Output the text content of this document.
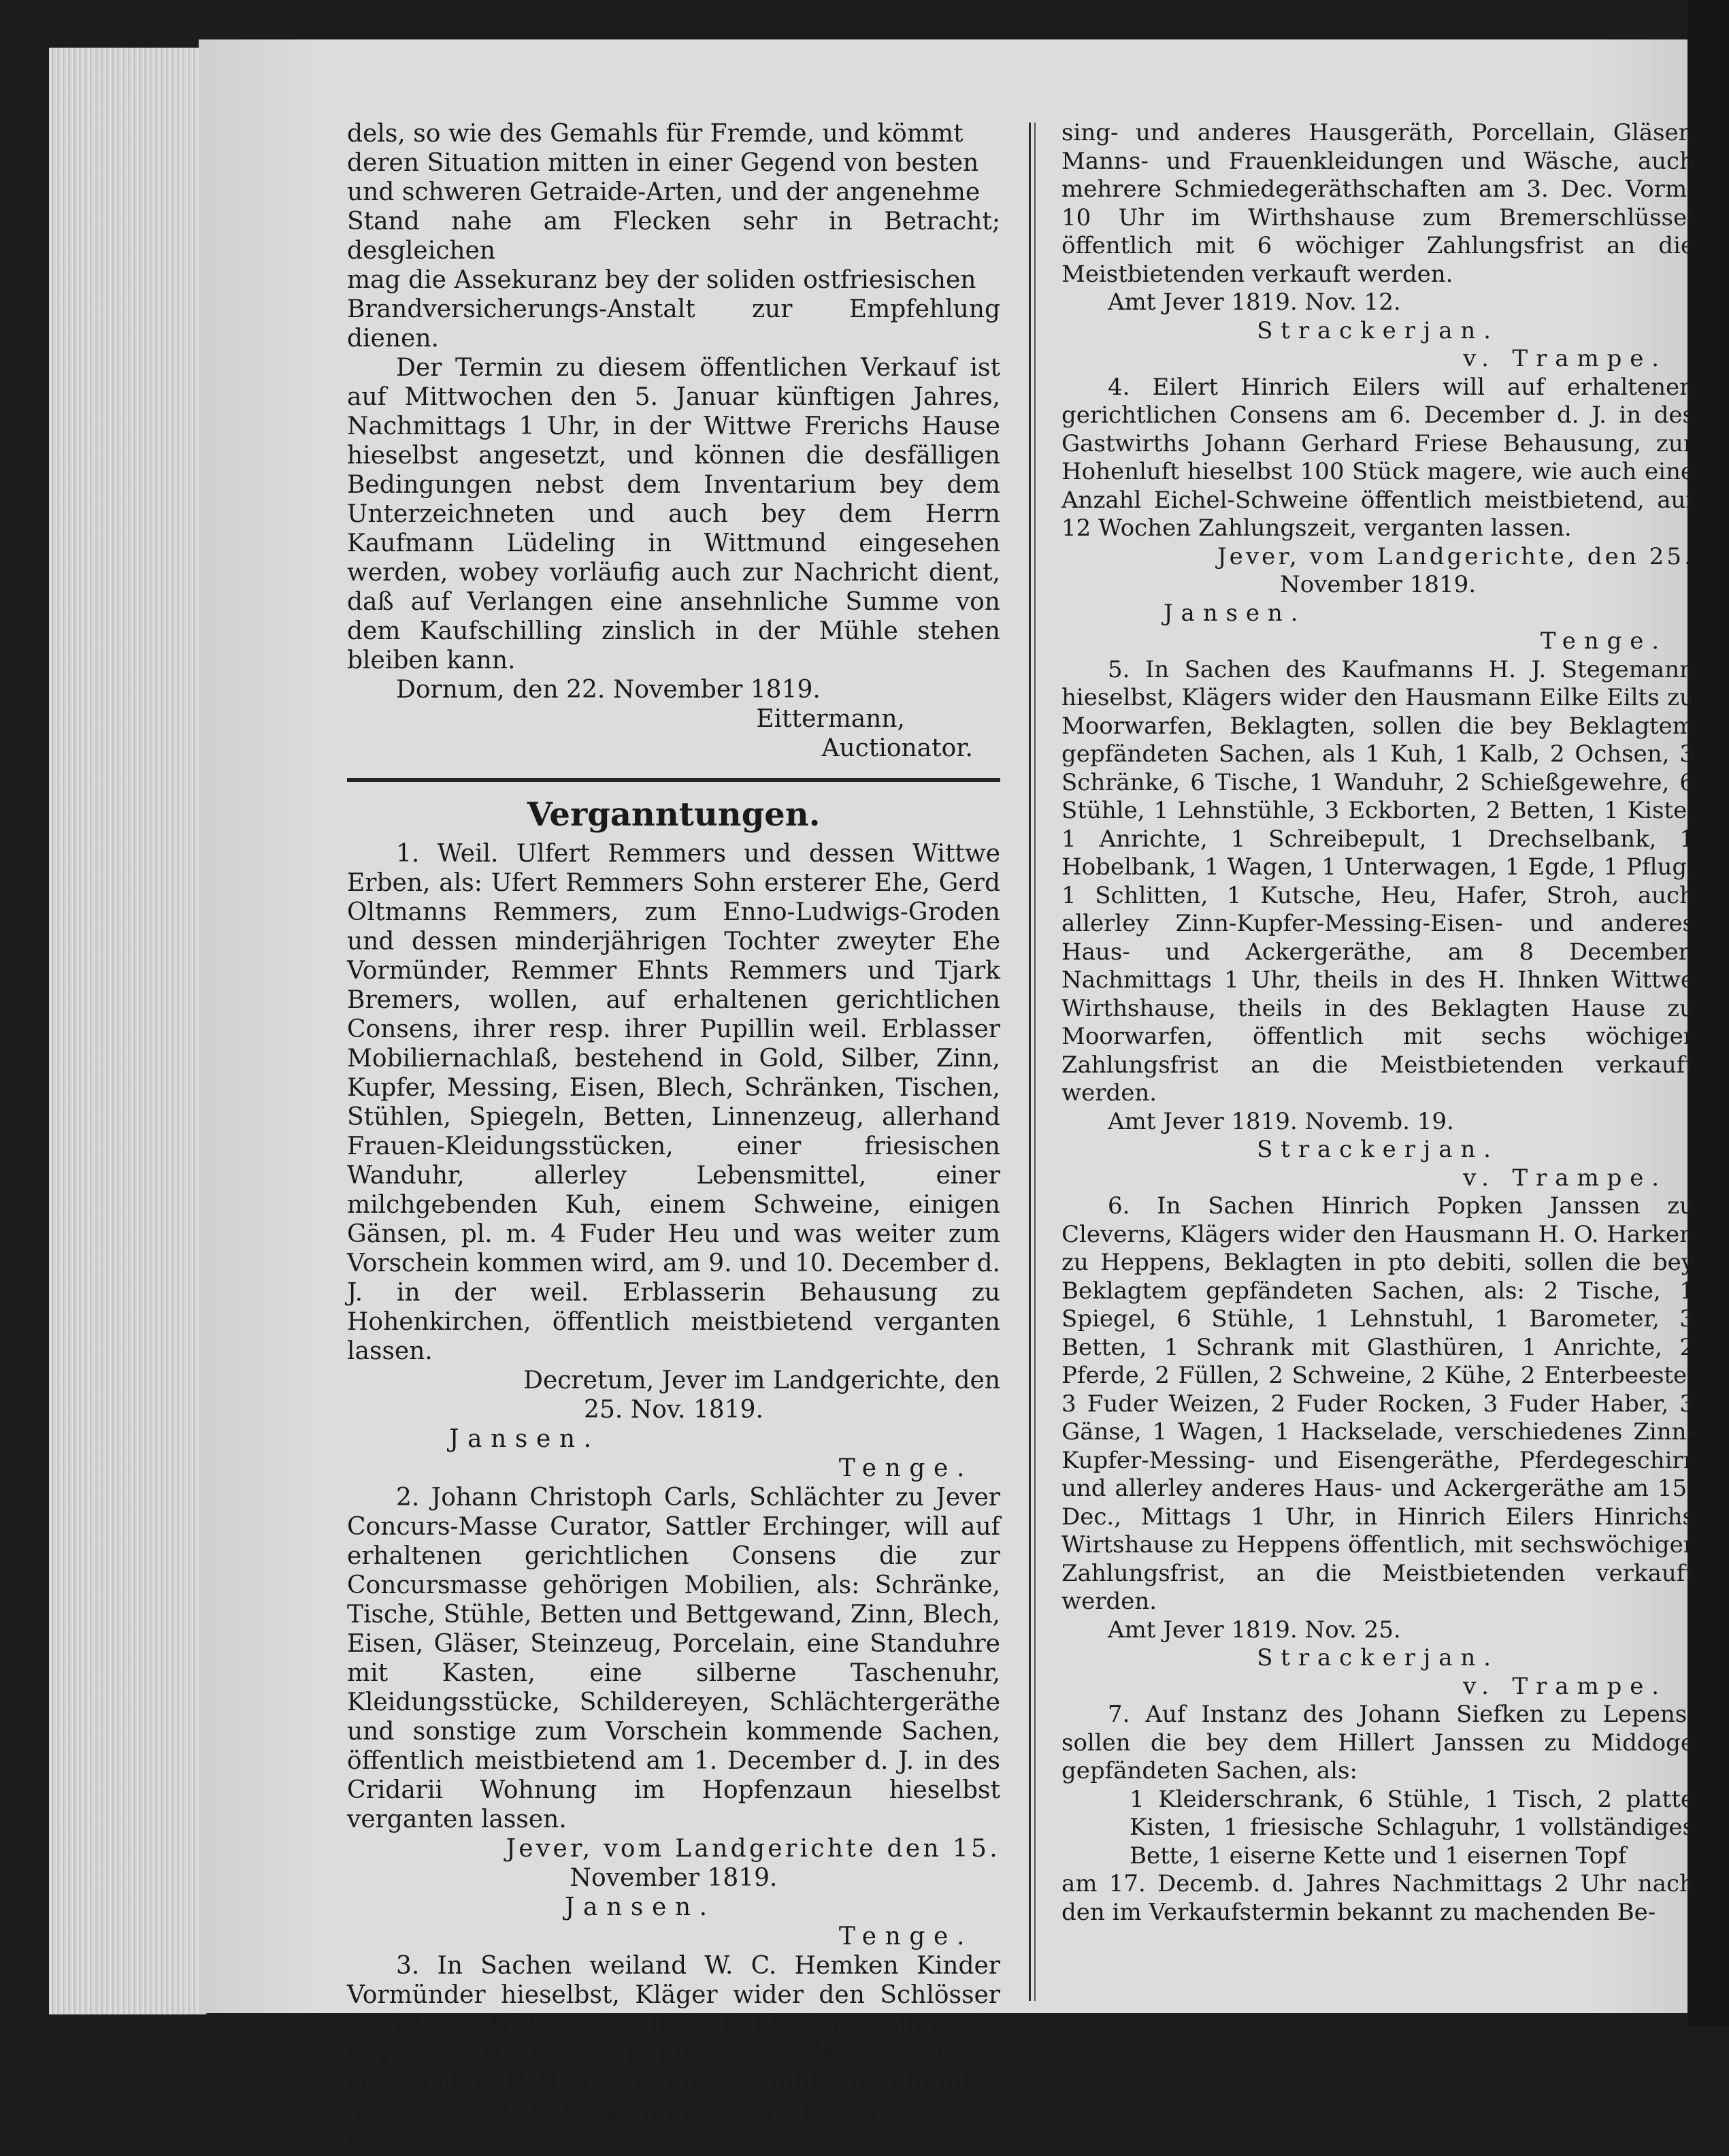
dels, so wie des Gemahls für Fremde, und kömmt

deren Situation mitten in einer Gegend von besten

und schweren Getraide-Arten, und der angenehme

Stand nahe am Flecken sehr in Betracht; desgleichen

mag die Assekuranz bey der soliden ostfriesischen

Brandversicherungs-Anstalt zur Empfehlung dienen.

Der Termin zu diesem öffentlichen Verkauf ist auf Mittwochen den 5. Januar künftigen Jahres, Nachmittags 1 Uhr, in der Wittwe Frerichs Hause hieselbst angesetzt, und können die desfälligen Bedingungen nebst dem Inventarium bey dem Unterzeichneten und auch bey dem Herrn Kaufmann Lüdeling in Wittmund eingesehen werden, wobey vorläufig auch zur Nachricht dient, daß auf Verlangen eine ansehnliche Summe von dem Kaufschilling zinslich in der Mühle stehen bleiben kann.

Dornum, den 22. November 1819.

Eittermann,

Auctionator.

Verganntungen.

1. Weil. Ulfert Remmers und dessen Wittwe Erben, als: Ufert Remmers Sohn ersterer Ehe, Gerd Oltmanns Remmers, zum Enno-Ludwigs-Groden und dessen minderjährigen Tochter zweyter Ehe Vormünder, Remmer Ehnts Remmers und Tjark Bremers, wollen, auf erhaltenen gerichtlichen Consens, ihrer resp. ihrer Pupillin weil. Erblasser Mobiliernachlaß, bestehend in Gold, Silber, Zinn, Kupfer, Messing, Eisen, Blech, Schränken, Tischen, Stühlen, Spiegeln, Betten, Linnenzeug, allerhand Frauen-Kleidungsstücken, einer friesischen Wanduhr, allerley Lebensmittel, einer milchgebenden Kuh, einem Schweine, einigen Gänsen, pl. m. 4 Fuder Heu und was weiter zum Vorschein kommen wird, am 9. und 10. December d. J. in der weil. Erblasserin Behausung zu Hohenkirchen, öffentlich meistbietend verganten lassen.

Decretum, Jever im Landgerichte, den

25. Nov. 1819.

Jansen.

Tenge.

2. Johann Christoph Carls, Schlächter zu Jever Concurs-Masse Curator, Sattler Erchinger, will auf erhaltenen gerichtlichen Consens die zur Concursmasse gehörigen Mobilien, als: Schränke, Tische, Stühle, Betten und Bettgewand, Zinn, Blech, Eisen, Gläser, Steinzeug, Porcelain, eine Standuhre mit Kasten, eine silberne Taschenuhr, Kleidungsstücke, Schildereyen, Schlächtergeräthe und sonstige zum Vorschein kommende Sachen, öffentlich meistbietend am 1. December d. J. in des Cridarii Wohnung im Hopfenzaun hieselbst verganten lassen.

Jever, vom Landgerichte den 15.

November 1819.

Jansen.

Tenge.

3. In Sachen weiland W. C. Hemken Kinder Vormünder hieselbst, Kläger wider den Schlösser Christoph Müller hieselbst, Beklagten, sollen die bey dem Beklagten gepfändeten Sachen, als: 5 vollständige Betten, 5 Tische, 8 Stühle, 6 Schränke, 3 Kisten, 2 Schreibepulte, verschiedenes Zinn-Kupfer-Mes-

sing- und anderes Hausgeräth, Porcellain, Gläser, Manns- und Frauenkleidungen und Wäsche, auch mehrere Schmiedegeräthschaften am 3. Dec. Vorm. 10 Uhr im Wirthshause zum Bremerschlüssel öffentlich mit 6 wöchiger Zahlungsfrist an die Meistbietenden verkauft werden.

Amt Jever 1819. Nov. 12.

Strackerjan.

v. Trampe.

4. Eilert Hinrich Eilers will auf erhaltenen gerichtlichen Consens am 6. December d. J. in des Gastwirths Johann Gerhard Friese Behausung, zur Hohenluft hieselbst 100 Stück magere, wie auch eine Anzahl Eichel-Schweine öffentlich meistbietend, auf 12 Wochen Zahlungszeit, verganten lassen.

Jever, vom Landgerichte, den 25.

November 1819.

Jansen.

Tenge.

5. In Sachen des Kaufmanns H. J. Stegemann hieselbst, Klägers wider den Hausmann Eilke Eilts zu Moorwarfen, Beklagten, sollen die bey Beklagtem gepfändeten Sachen, als 1 Kuh, 1 Kalb, 2 Ochsen, 3 Schränke, 6 Tische, 1 Wanduhr, 2 Schießgewehre, 6 Stühle, 1 Lehnstühle, 3 Eckborten, 2 Betten, 1 Kiste, 1 Anrichte, 1 Schreibepult, 1 Drechselbank, 1 Hobelbank, 1 Wagen, 1 Unterwagen, 1 Egde, 1 Pflug, 1 Schlitten, 1 Kutsche, Heu, Hafer, Stroh, auch allerley Zinn-Kupfer-Messing-Eisen- und anderes Haus- und Ackergeräthe, am 8 December, Nachmittags 1 Uhr, theils in des H. Ihnken Wittwe Wirthshause, theils in des Beklagten Hause zu Moorwarfen, öffentlich mit sechs wöchiger Zahlungsfrist an die Meistbietenden verkauft werden.

Amt Jever 1819. Novemb. 19.

Strackerjan.

v. Trampe.

6. In Sachen Hinrich Popken Janssen zu Cleverns, Klägers wider den Hausmann H. O. Harken zu Heppens, Beklagten in pto debiti, sollen die bey Beklagtem gepfändeten Sachen, als: 2 Tische, 1 Spiegel, 6 Stühle, 1 Lehnstuhl, 1 Barometer, 3 Betten, 1 Schrank mit Glasthüren, 1 Anrichte, 2 Pferde, 2 Füllen, 2 Schweine, 2 Kühe, 2 Enterbeeste, 3 Fuder Weizen, 2 Fuder Rocken, 3 Fuder Haber, 3 Gänse, 1 Wagen, 1 Hackselade, verschiedenes Zinn-Kupfer-Messing- und Eisengeräthe, Pferdegeschirr und allerley anderes Haus- und Ackergeräthe am 15. Dec., Mittags 1 Uhr, in Hinrich Eilers Hinrichs Wirtshause zu Heppens öffentlich, mit sechswöchiger Zahlungsfrist, an die Meistbietenden verkauft werden.

Amt Jever 1819. Nov. 25.

Strackerjan.

v. Trampe.

7. Auf Instanz des Johann Siefken zu Lepens, sollen die bey dem Hillert Janssen zu Middoge gepfändeten Sachen, als:

1 Kleiderschrank, 6 Stühle, 1 Tisch, 2 platte Kisten, 1 friesische Schlaguhr, 1 vollständiges Bette, 1 eiserne Kette und 1 eisernen Topf

am 17. Decemb. d. Jahres Nachmittags 2 Uhr nach den im Verkaufstermin bekannt zu machenden Be-
